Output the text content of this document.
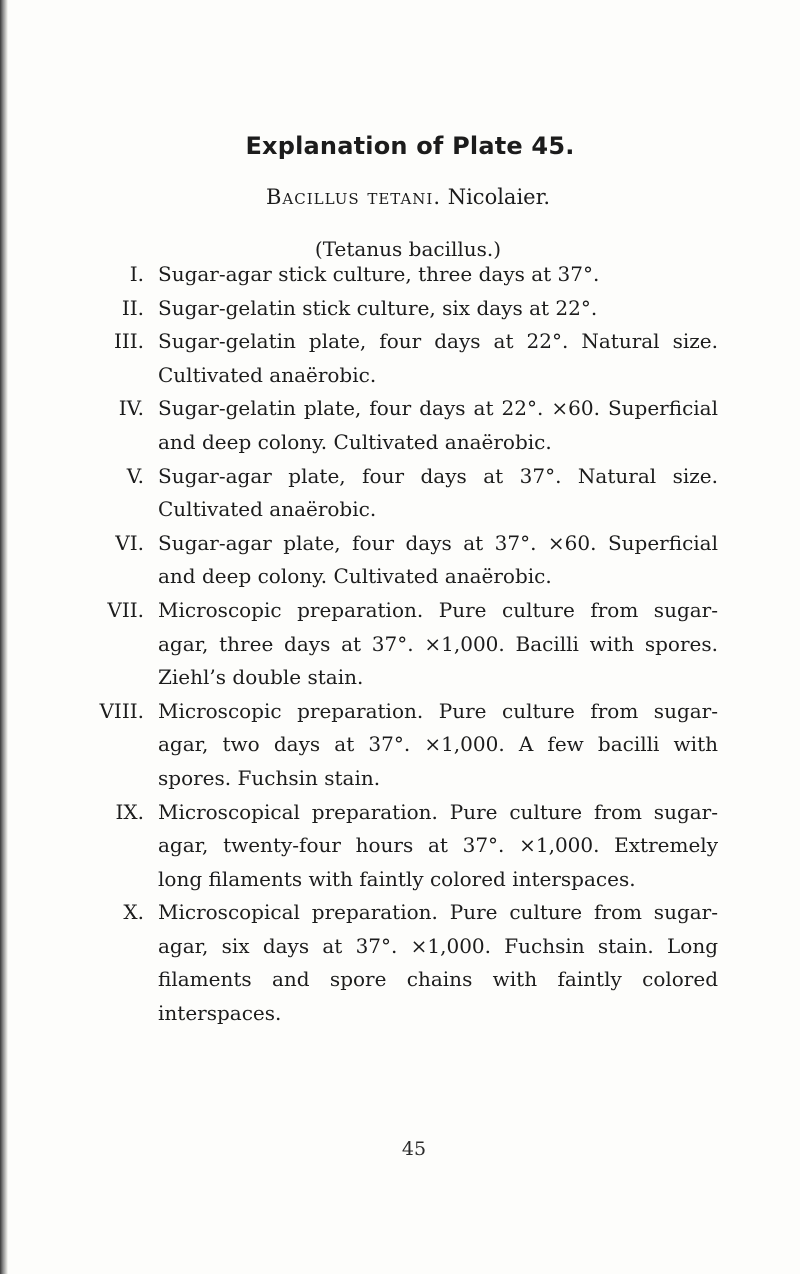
Explanation of Plate 45.
Bacillus tetani. Nicolaier.
(Tetanus bacillus.)
I. Sugar-agar stick culture, three days at 37°.
II. Sugar-gelatin stick culture, six days at 22°.
III. Sugar-gelatin plate, four days at 22°. Natural size. Cultivated anaërobic.
IV. Sugar-gelatin plate, four days at 22°. ×60. Superficial and deep colony. Cultivated anaërobic.
V. Sugar-agar plate, four days at 37°. Natural size. Cultivated anaërobic.
VI. Sugar-agar plate, four days at 37°. ×60. Superficial and deep colony. Cultivated anaërobic.
VII. Microscopic preparation. Pure culture from sugar-agar, three days at 37°. ×1,000. Bacilli with spores. Ziehl’s double stain.
VIII. Microscopic preparation. Pure culture from sugar-agar, two days at 37°. ×1,000. A few bacilli with spores. Fuchsin stain.
IX. Microscopical preparation. Pure culture from sugar-agar, twenty-four hours at 37°. ×1,000. Extremely long filaments with faintly colored interspaces.
X. Microscopical preparation. Pure culture from sugar-agar, six days at 37°. ×1,000. Fuchsin stain. Long filaments and spore chains with faintly colored interspaces.
45
